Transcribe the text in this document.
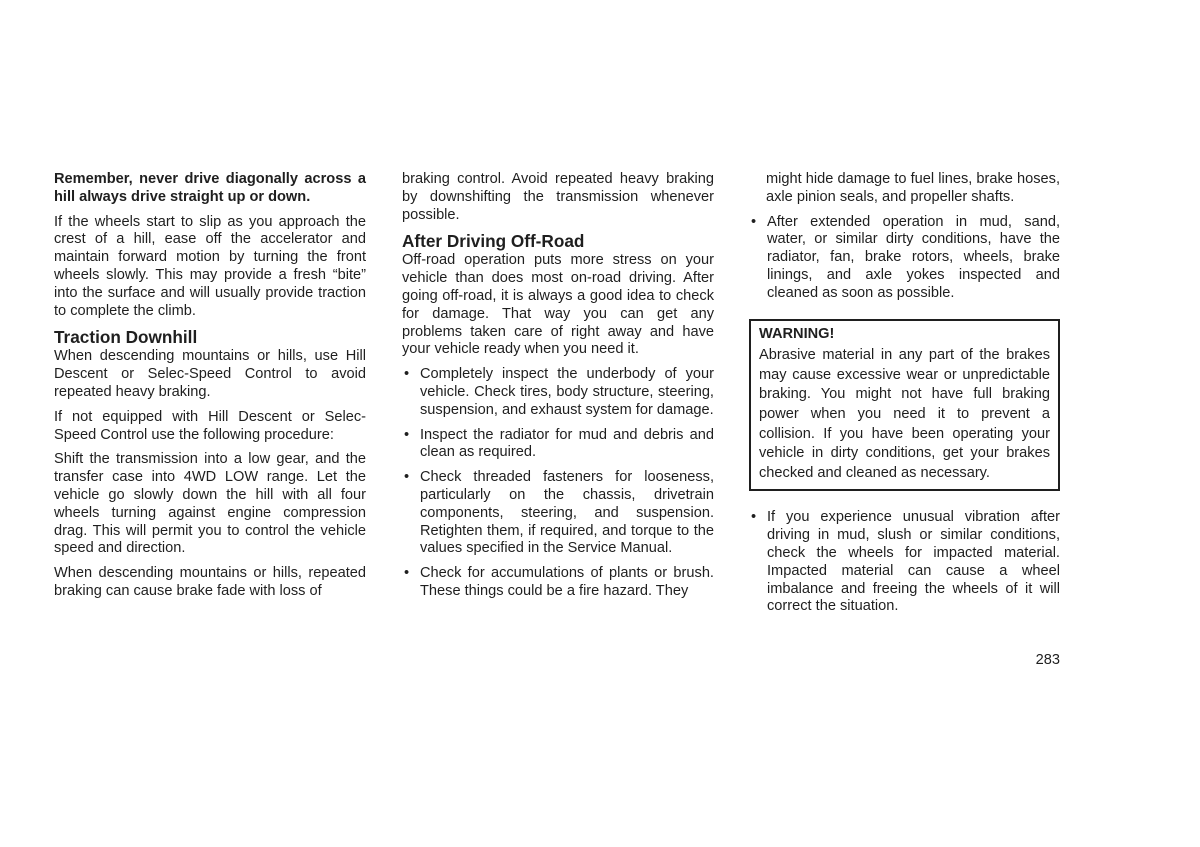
Remember, never drive diagonally across a hill always drive straight up or down.

If the wheels start to slip as you approach the crest of a hill, ease off the accelerator and maintain forward motion by turning the front wheels slowly. This may provide a fresh “bite” into the surface and will usually provide traction to complete the climb.

Traction Downhill

When descending mountains or hills, use Hill Descent or Selec-Speed Control to avoid repeated heavy braking.

If not equipped with Hill Descent or Selec-Speed Control use the following procedure:

Shift the transmission into a low gear, and the transfer case into 4WD LOW range. Let the vehicle go slowly down the hill with all four wheels turning against engine compression drag. This will permit you to control the vehicle speed and direction.

When descending mountains or hills, repeated braking can cause brake fade with loss of

braking control. Avoid repeated heavy braking by downshifting the transmission whenever possible.

After Driving Off-Road

Off-road operation puts more stress on your vehicle than does most on-road driving. After going off-road, it is always a good idea to check for damage. That way you can get any problems taken care of right away and have your vehicle ready when you need it.

• Completely inspect the underbody of your vehicle. Check tires, body structure, steering, suspension, and exhaust system for damage.
• Inspect the radiator for mud and debris and clean as required.
• Check threaded fasteners for looseness, particularly on the chassis, drivetrain components, steering, and suspension. Retighten them, if required, and torque to the values specified in the Service Manual.
• Check for accumulations of plants or brush. These things could be a fire hazard. They

might hide damage to fuel lines, brake hoses, axle pinion seals, and propeller shafts.

• After extended operation in mud, sand, water, or similar dirty conditions, have the radiator, fan, brake rotors, wheels, brake linings, and axle yokes inspected and cleaned as soon as possible.
WARNING!
Abrasive material in any part of the brakes may cause excessive wear or unpredictable braking. You might not have full braking power when you need it to prevent a collision. If you have been operating your vehicle in dirty conditions, get your brakes checked and cleaned as necessary.
• If you experience unusual vibration after driving in mud, slush or similar conditions, check the wheels for impacted material. Impacted material can cause a wheel imbalance and freeing the wheels of it will correct the situation.
283
